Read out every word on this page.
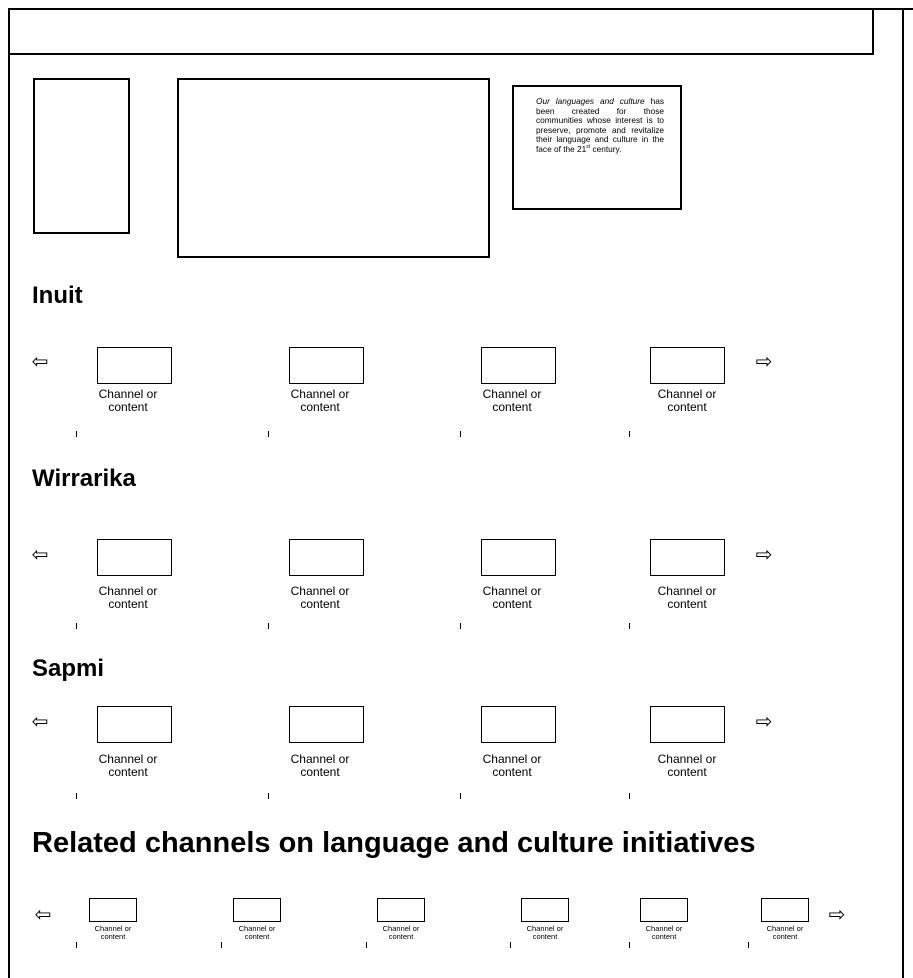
Our languages and culture has been created for those communities whose interest is to preserve, promote and revitalize their language and culture in the face of the 21st century.
Inuit
⇦	⇨
Channel or
content
Channel or
content
Channel or
content
Channel or
content
Wirrarika
⇦	⇨
Channel or
content
Channel or
content
Channel or
content
Channel or
content
Sapmi
⇦	⇨
Channel or
content
Channel or
content
Channel or
content
Channel or
content
Related channels on language and culture initiatives
⇦	⇨
Channel or
content
Channel or
content
Channel or
content
Channel or
content
Channel or
content
Channel or
content
